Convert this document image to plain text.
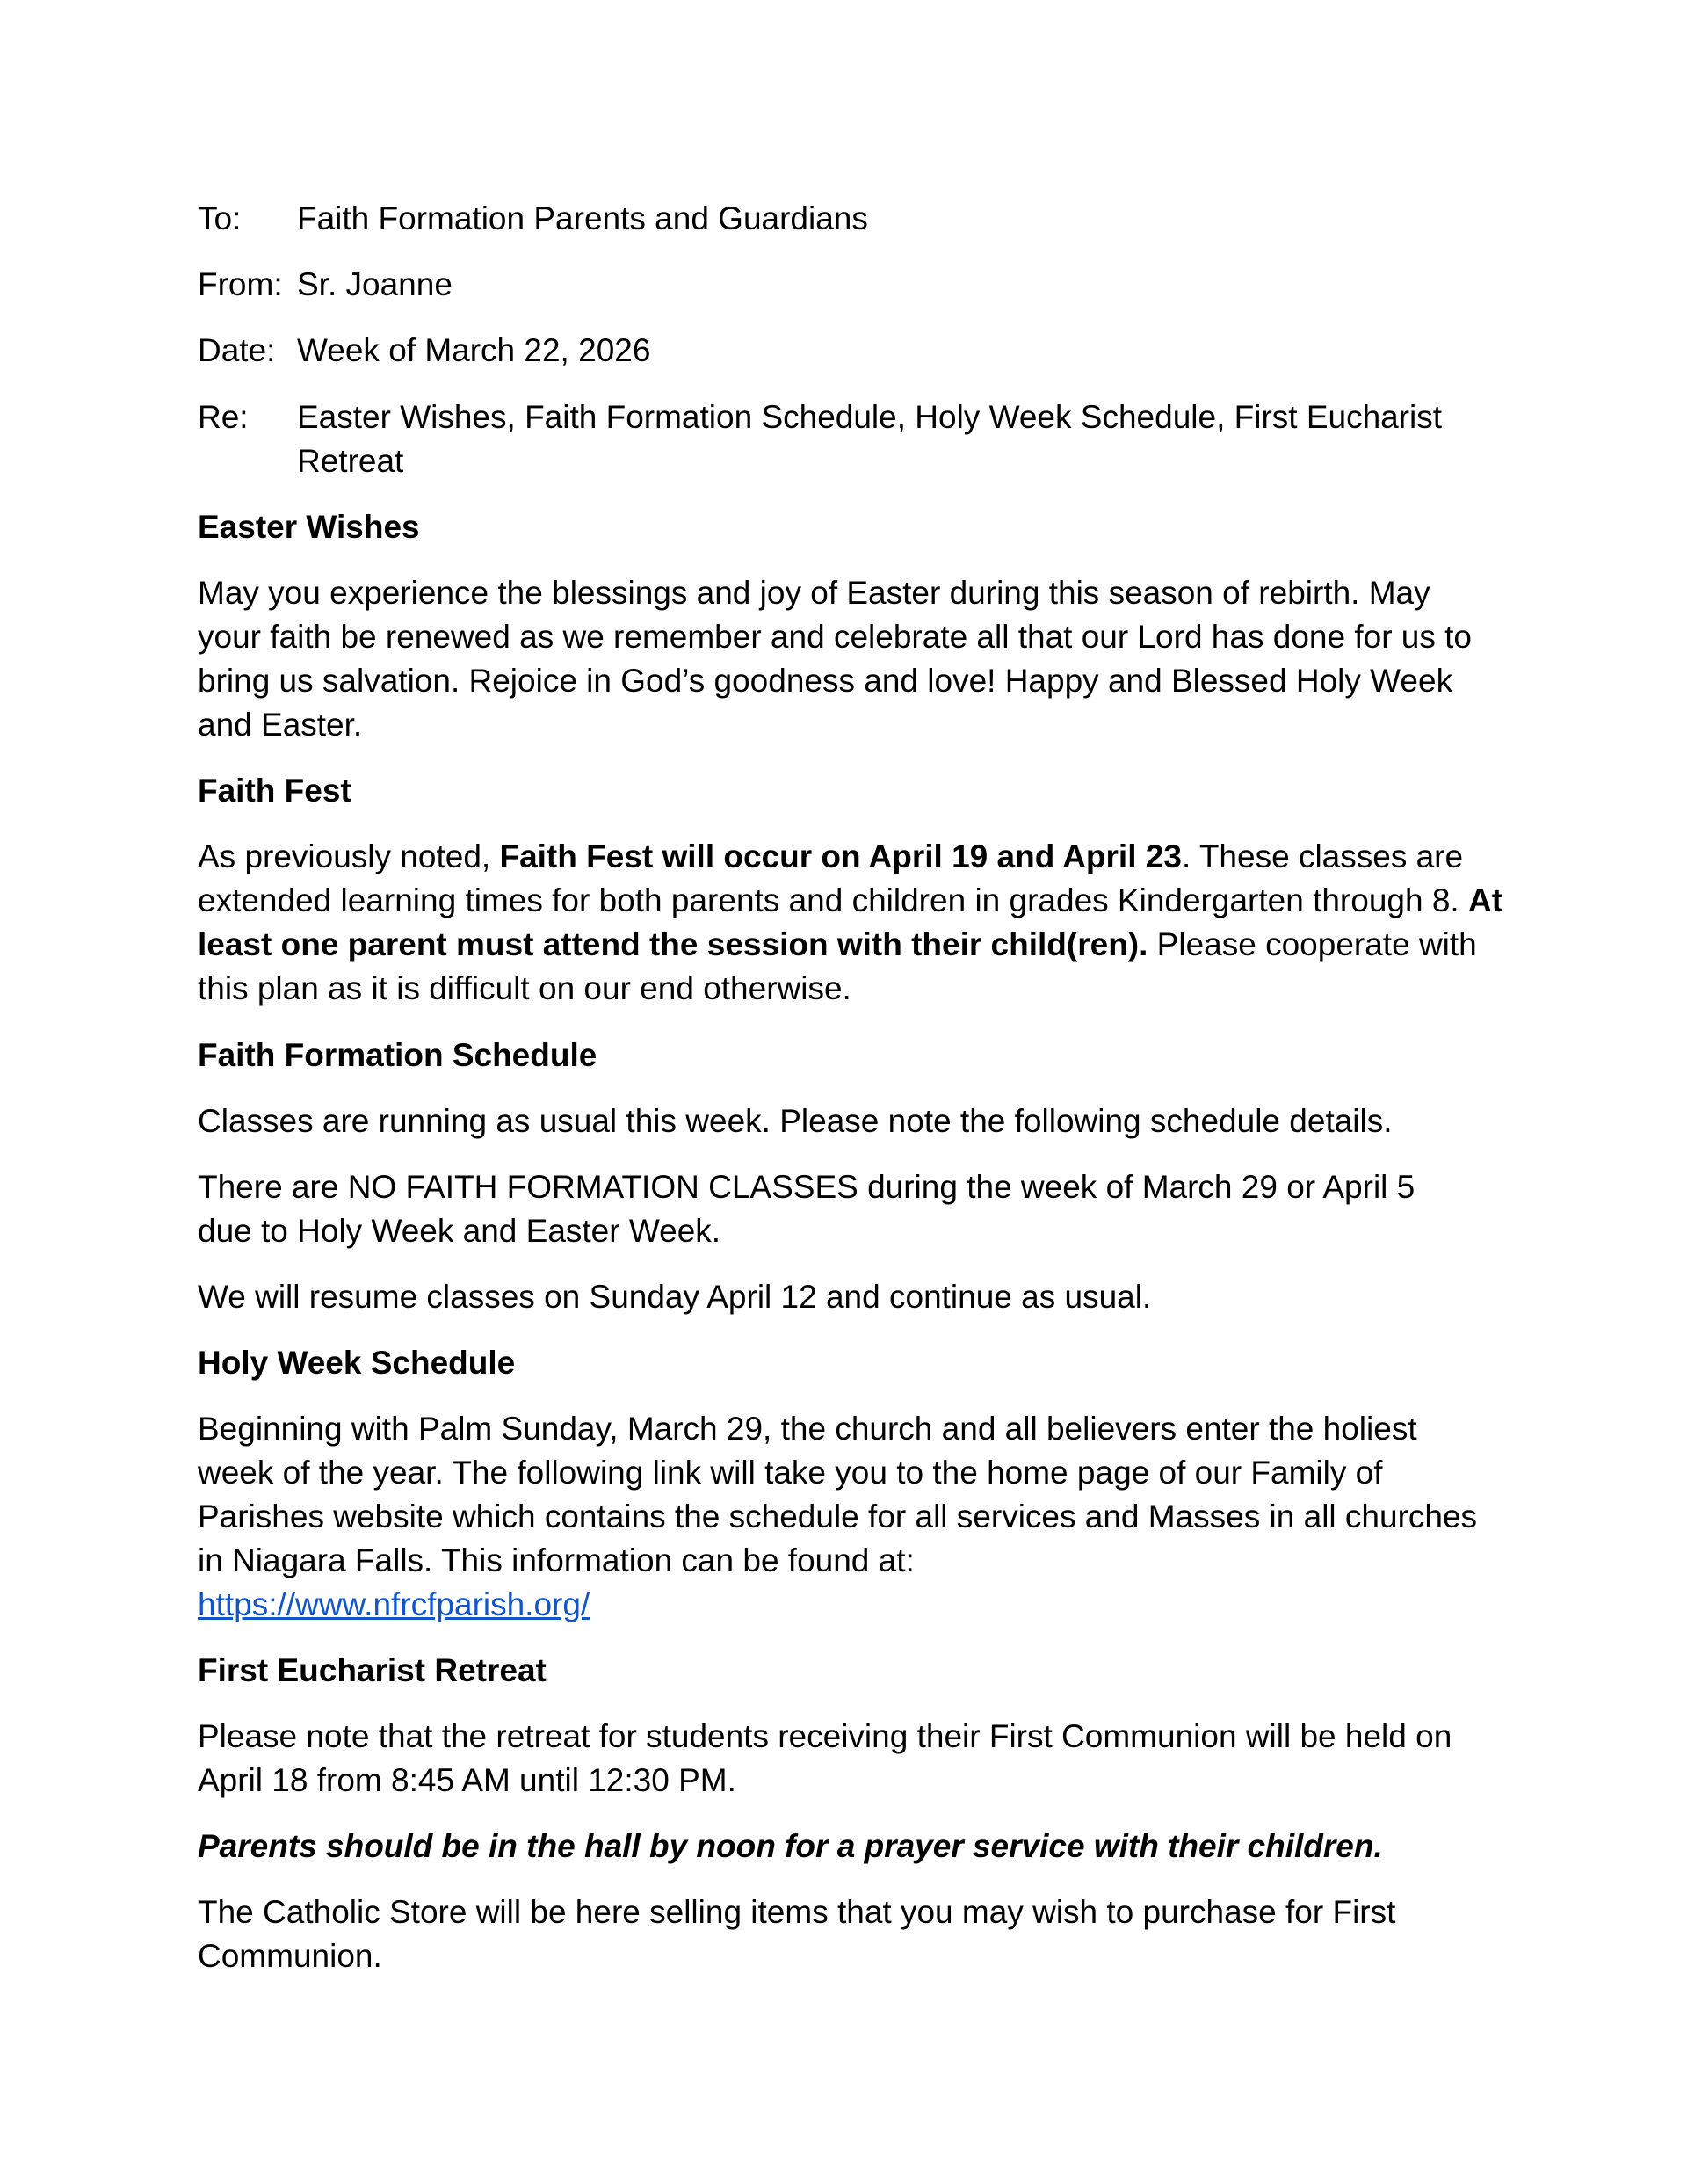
To:	Faith Formation Parents and Guardians
From: Sr. Joanne
Date: Week of March 22, 2026
Re:	Easter Wishes, Faith Formation Schedule, Holy Week Schedule, First Eucharist Retreat

Easter Wishes

May you experience the blessings and joy of Easter during this season of rebirth. May your faith be renewed as we remember and celebrate all that our Lord has done for us to bring us salvation. Rejoice in God’s goodness and love! Happy and Blessed Holy Week and Easter.

Faith Fest

As previously noted, Faith Fest will occur on April 19 and April 23. These classes are extended learning times for both parents and children in grades Kindergarten through 8. At least one parent must attend the session with their child(ren). Please cooperate with this plan as it is difficult on our end otherwise.

Faith Formation Schedule

Classes are running as usual this week. Please note the following schedule details.

There are NO FAITH FORMATION CLASSES during the week of March 29 or April 5 due to Holy Week and Easter Week.

We will resume classes on Sunday April 12 and continue as usual.

Holy Week Schedule

Beginning with Palm Sunday, March 29, the church and all believers enter the holiest week of the year. The following link will take you to the home page of our Family of Parishes website which contains the schedule for all services and Masses in all churches in Niagara Falls. This information can be found at:
https://www.nfrcfparish.org/

First Eucharist Retreat

Please note that the retreat for students receiving their First Communion will be held on April 18 from 8:45 AM until 12:30 PM.

Parents should be in the hall by noon for a prayer service with their children.

The Catholic Store will be here selling items that you may wish to purchase for First Communion.
